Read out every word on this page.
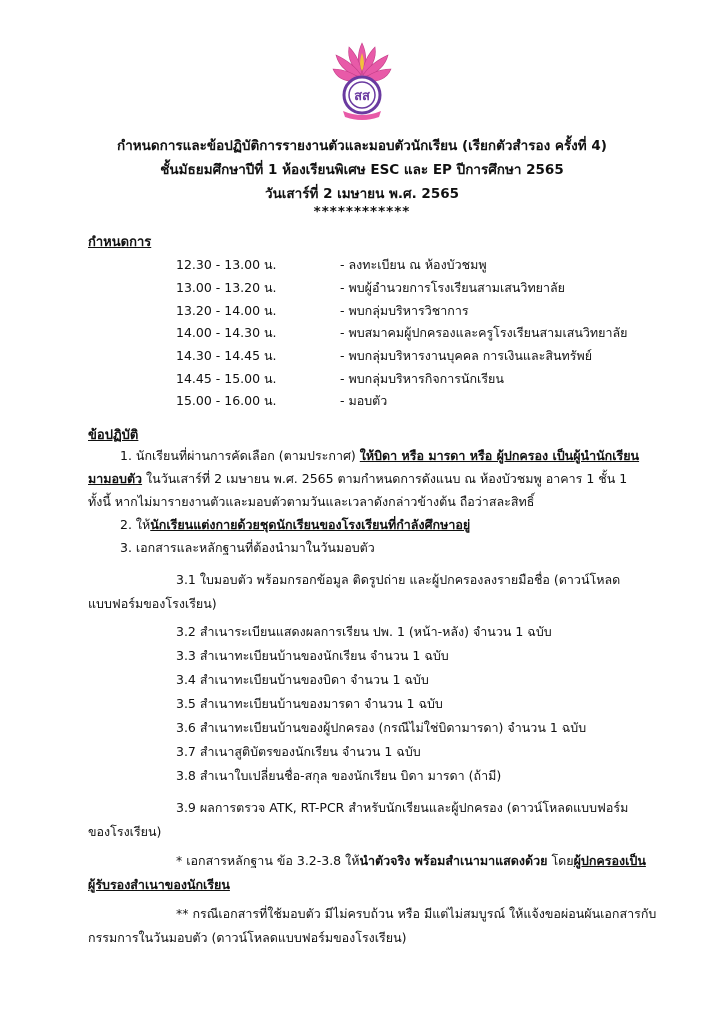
สส
กำหนดการและข้อปฏิบัติการรายงานตัวและมอบตัวนักเรียน (เรียกตัวสำรอง ครั้งที่ 4)
ชั้นมัธยมศึกษาปีที่ 1 ห้องเรียนพิเศษ ESC และ EP ปีการศึกษา 2565
วันเสาร์ที่ 2 เมษายน พ.ศ. 2565
************
กำหนดการ
12.30 - 13.00 น.	- ลงทะเบียน ณ ห้องบัวชมพู
13.00 - 13.20 น.	- พบผู้อำนวยการโรงเรียนสามเสนวิทยาลัย
13.20 - 14.00 น.	- พบกลุ่มบริหารวิชาการ
14.00 - 14.30 น.	- พบสมาคมผู้ปกครองและครูโรงเรียนสามเสนวิทยาลัย
14.30 - 14.45 น.	- พบกลุ่มบริหารงานบุคคล การเงินและสินทรัพย์
14.45 - 15.00 น.	- พบกลุ่มบริหารกิจการนักเรียน
15.00 - 16.00 น.	- มอบตัว
ข้อปฏิบัติ
1. นักเรียนที่ผ่านการคัดเลือก (ตามประกาศ) ให้บิดา หรือ มารดา หรือ ผู้ปกครอง เป็นผู้นำนักเรียน
มามอบตัว ในวันเสาร์ที่ 2 เมษายน พ.ศ. 2565 ตามกำหนดการดังแนบ ณ ห้องบัวชมพู อาคาร 1 ชั้น 1
ทั้งนี้ หากไม่มารายงานตัวและมอบตัวตามวันและเวลาดังกล่าวข้างต้น ถือว่าสละสิทธิ์
2. ให้นักเรียนแต่งกายด้วยชุดนักเรียนของโรงเรียนที่กำลังศึกษาอยู่
3. เอกสารและหลักฐานที่ต้องนำมาในวันมอบตัว
3.1 ใบมอบตัว พร้อมกรอกข้อมูล ติดรูปถ่าย และผู้ปกครองลงรายมือชื่อ (ดาวน์โหลด
แบบฟอร์มของโรงเรียน)
3.2 สำเนาระเบียนแสดงผลการเรียน ปพ. 1 (หน้า-หลัง) จำนวน 1 ฉบับ
3.3 สำเนาทะเบียนบ้านของนักเรียน จำนวน 1 ฉบับ
3.4 สำเนาทะเบียนบ้านของบิดา จำนวน 1 ฉบับ
3.5 สำเนาทะเบียนบ้านของมารดา จำนวน 1 ฉบับ
3.6 สำเนาทะเบียนบ้านของผู้ปกครอง (กรณีไม่ใช่บิดามารดา) จำนวน 1 ฉบับ
3.7 สำเนาสูติบัตรของนักเรียน จำนวน 1 ฉบับ
3.8 สำเนาใบเปลี่ยนชื่อ-สกุล ของนักเรียน บิดา มารดา (ถ้ามี)
3.9 ผลการตรวจ ATK, RT-PCR สำหรับนักเรียนและผู้ปกครอง (ดาวน์โหลดแบบฟอร์ม
ของโรงเรียน)
* เอกสารหลักฐาน ข้อ 3.2-3.8 ให้นำตัวจริง พร้อมสำเนามาแสดงด้วย โดยผู้ปกครองเป็น
ผู้รับรองสำเนาของนักเรียน
** กรณีเอกสารที่ใช้มอบตัว มีไม่ครบถ้วน หรือ มีแต่ไม่สมบูรณ์ ให้แจ้งขอผ่อนผันเอกสารกับ
กรรมการในวันมอบตัว (ดาวน์โหลดแบบฟอร์มของโรงเรียน)
